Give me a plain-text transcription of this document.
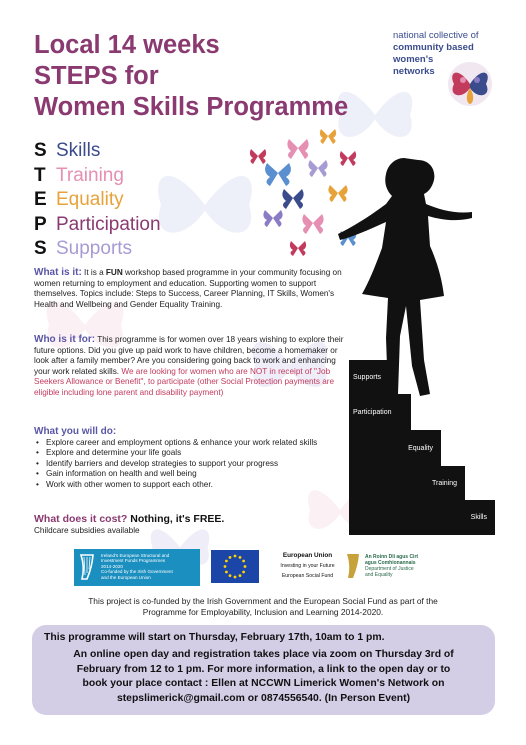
Local 14 weeks
STEPS for
Women Skills Programme
national collective of
community based
women's
networks
S Skills
T Training
E Equality
P Participation
S Supports
Supports
Participation
Equality
Training
Skills
What is it: It is a FUN workshop based programme in your community focusing on women returning to employment and education. Supporting women to support themselves. Topics include: Steps to Success, Career Planning, IT Skills, Women's Health and Wellbeing and Gender Equality Training.
Who is it for: This programme is for women over 18 years wishing to explore their future options. Did you give up paid work to have children, become a homemaker or look after a family member? Are you considering going back to work and enhancing your work related skills. We are looking for women who are NOT in receipt of "Job Seekers Allowance or Benefit", to participate (other Social Protection payments are eligible including lone parent and disability payment)
What you will do:
• Explore career and employment options & enhance your work related skills
• Explore and determine your life goals
• Identify barriers and develop strategies to support your progress
• Gain information on health and well being
• Work with other women to support each other.
What does it cost? Nothing, it's FREE.
Childcare subsidies available
Ireland's European Structural and
Investment Funds Programmes
2014-2020
Co-funded by the Irish Government
and the European Union
European Union
Investing in your Future
European Social Fund
An Roinn Dlí agus Cirt
agus Comhionannais
Department of Justice
and Equality
This project is co-funded by the Irish Government and the European Social Fund as part of the
Programme for Employability, Inclusion and Learning 2014-2020.
This programme will start on Thursday, February 17th, 10am to 1 pm.
An online open day and registration takes place via zoom on Thursday 3rd of
February from 12 to 1 pm. For more information, a link to the open day or to
book your place contact : Ellen at NCCWN Limerick Women's Network on
stepslimerick@gmail.com or 0874556540. (In Person Event)
